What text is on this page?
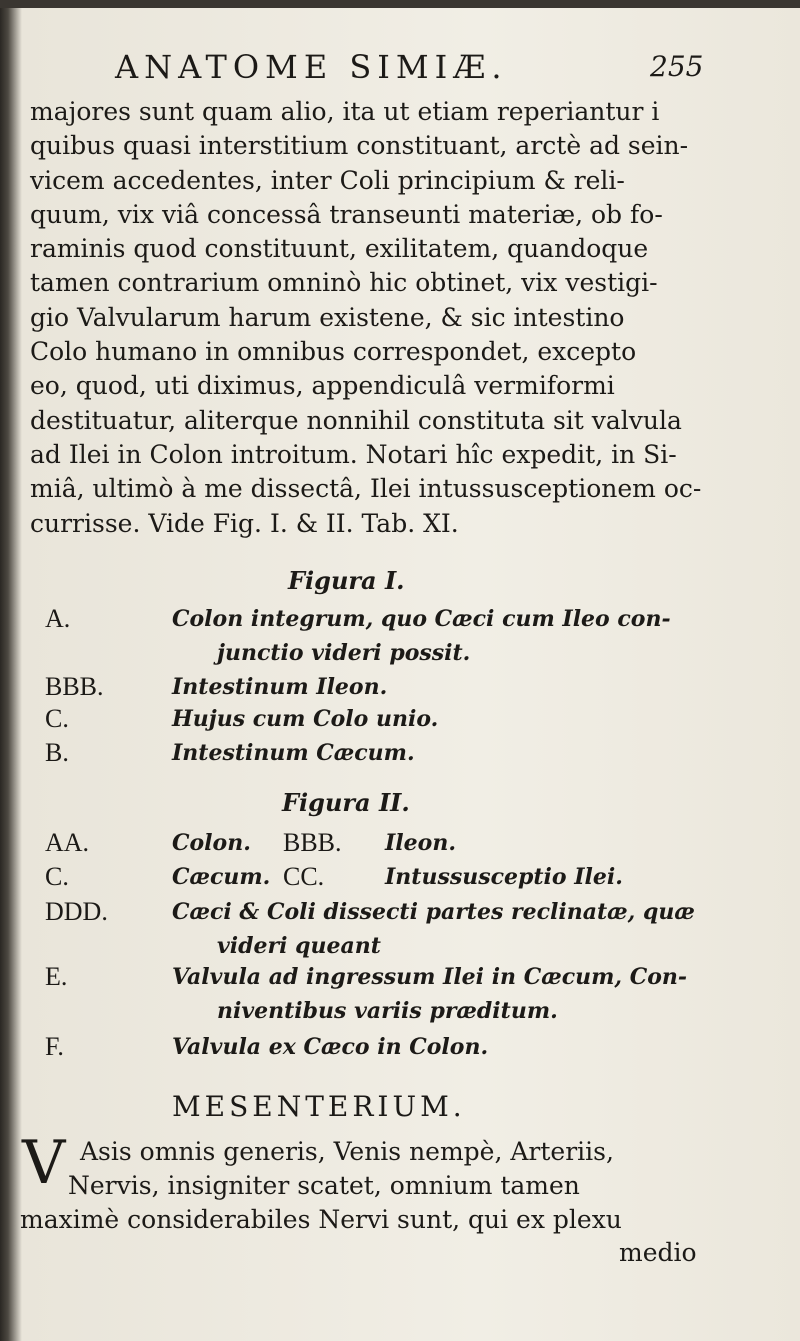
ANATOME SIMIÆ.	255
majores sunt quam alio, ita ut etiam reperiantur i
quibus quasi interstitium constituant, arctè ad sein-
vicem accedentes, inter Coli principium & reli-
quum, vix viâ concessâ transeunti materiæ, ob fo-
raminis quod constituunt, exilitatem, quandoque
tamen contrarium omninò hic obtinet, vix vestigi-
gio Valvularum harum existene, & sic intestino
Colo humano in omnibus correspondet, excepto
eo, quod, uti diximus, appendiculâ vermiformi
destituatur, aliterque nonnihil constituta sit valvula
ad Ilei in Colon introitum. Notari hîc expedit, in Si-
miâ, ultimò à me dissectâ, Ilei intussusceptionem oc-
currisse. Vide Fig. I. & II. Tab. XI.
Figura I.
A.	Colon integrum, quo Cæci cum Ileo con-
junctio videri possit.
BBB.	Intestinum Ileon.
C.	Hujus cum Colo unio.
B.	Intestinum Cæcum.
Figura II.
AA.	Colon. BBB. Ileon.
C.	Cæcum. CC.	Intussusceptio Ilei.
DDD.	Cæci & Coli dissecti partes reclinatæ, quæ
videri queant
E.	Valvula ad ingressum Ilei in Cæcum, Con-
niventibus variis præditum.
F.	Valvula ex Cæco in Colon.
MESENTERIUM.
V Asis omnis generis, Venis nempè, Arteriis,
Nervis, insigniter scatet, omnium tamen
maximè considerabiles Nervi sunt, qui ex plexu
medio
